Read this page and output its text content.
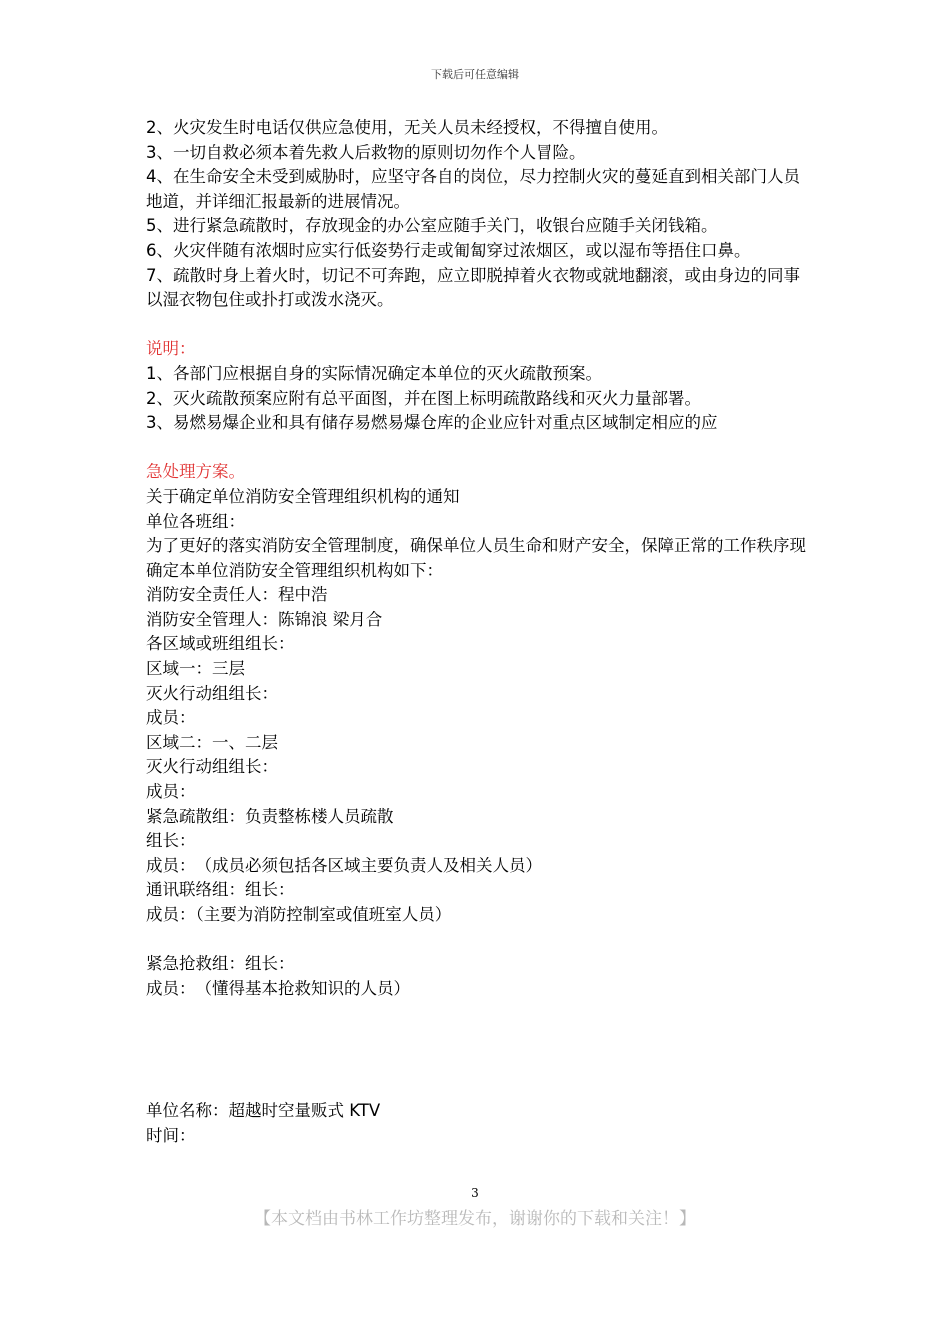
下载后可任意编辑

2、火灾发生时电话仅供应急使用，无关人员未经授权，不得擅自使用。

3、一切自救必须本着先救人后救物的原则切勿作个人冒险。

4、在生命安全未受到威胁时，应坚守各自的岗位，尽力控制火灾的蔓延直到相关部门人员地道，并详细汇报最新的进展情况。

5、进行紧急疏散时，存放现金的办公室应随手关门，收银台应随手关闭钱箱。

6、火灾伴随有浓烟时应实行低姿势行走或匍匐穿过浓烟区，或以湿布等捂住口鼻。

7、疏散时身上着火时，切记不可奔跑，应立即脱掉着火衣物或就地翻滚，或由身边的同事以湿衣物包住或扑打或泼水浇灭。

说明：

1、各部门应根据自身的实际情况确定本单位的灭火疏散预案。

2、灭火疏散预案应附有总平面图，并在图上标明疏散路线和灭火力量部署。

3、易燃易爆企业和具有储存易燃易爆仓库的企业应针对重点区域制定相应的应

急处理方案。

关于确定单位消防安全管理组织机构的通知

单位各班组：

为了更好的落实消防安全管理制度，确保单位人员生命和财产安全，保障正常的工作秩序现确定本单位消防安全管理组织机构如下：

消防安全责任人：程中浩

消防安全管理人：陈锦浪 梁月合

各区域或班组组长：

区域一：三层

灭火行动组组长：

成员：

区域二：一、二层

灭火行动组组长：

成员：

紧急疏散组：负责整栋楼人员疏散

组长：

成员：　（成员必须包括各区域主要负责人及相关人员）

通讯联络组：组长：

成员：（主要为消防控制室或值班室人员）

紧急抢救组：组长：

成员：　（懂得基本抢救知识的人员）

单位名称：超越时空量贩式 KTV

时间：

3
【本文档由书林工作坊整理发布，谢谢你的下载和关注！】
